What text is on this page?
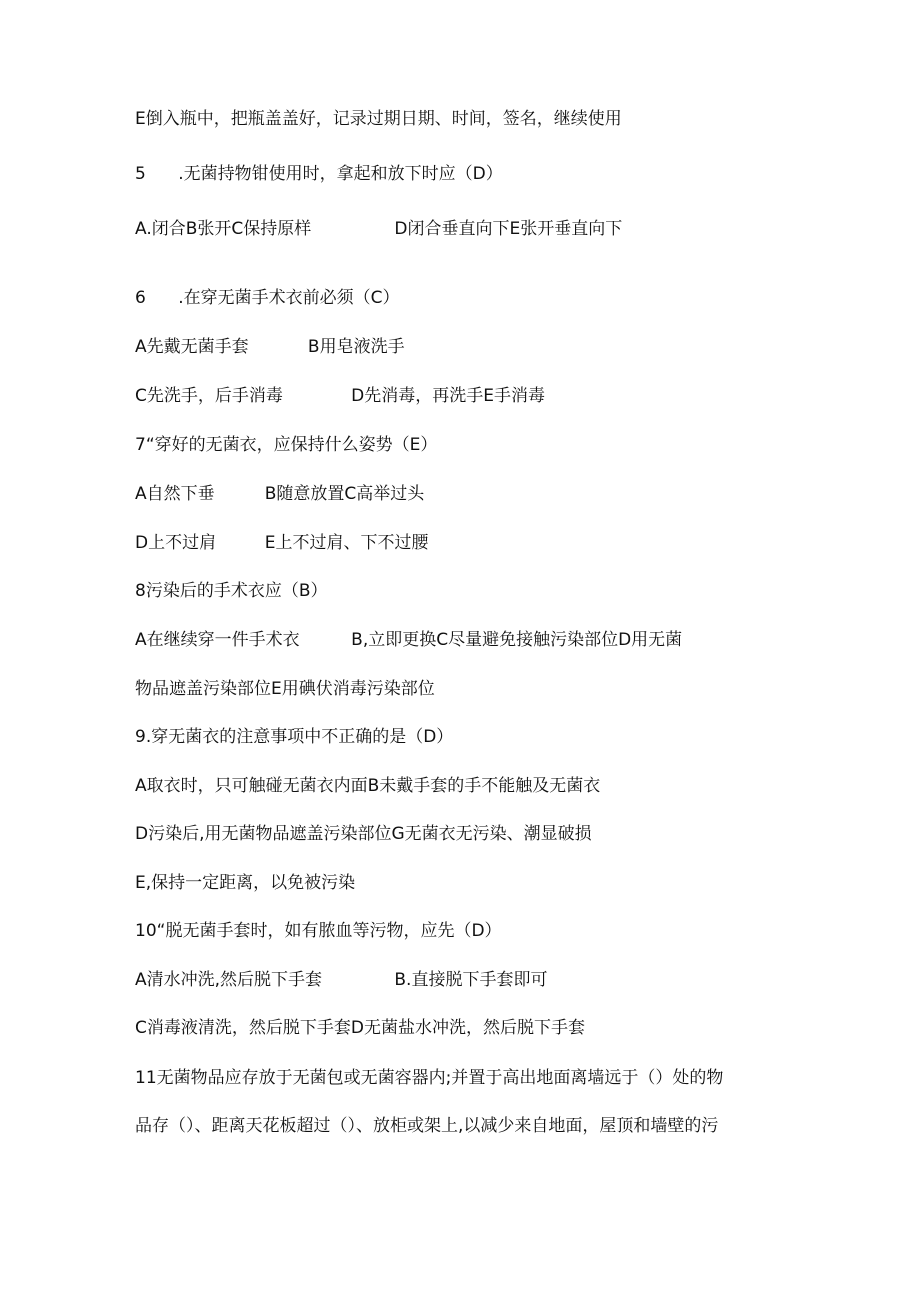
E倒入瓶中，把瓶盖盖好，记录过期日期、时间，签名，继续使用
5	.无菌持物钳使用时，拿起和放下时应（D）
A.闭合B张开C保持原样		D闭合垂直向下E张开垂直向下
6	.在穿无菌手术衣前必须（C）
A先戴无菌手套		B用皂液洗手
C先洗手，后手消毒		D先消毒，再洗手E手消毒
7“穿好的无菌衣，应保持什么姿势（E）
A自然下垂		B随意放置C高举过头
D上不过肩		E上不过肩、下不过腰
8污染后的手术衣应（B）
A在继续穿一件手术衣		B,立即更换C尽量避免接触污染部位D用无菌
物品遮盖污染部位E用碘伏消毒污染部位
9.穿无菌衣的注意事项中不正确的是（D）
A取衣时，只可触碰无菌衣内面B未戴手套的手不能触及无菌衣
D污染后,用无菌物品遮盖污染部位G无菌衣无污染、潮显破损
E,保持一定距离，以免被污染
10“脱无菌手套时，如有脓血等污物，应先（D）
A清水冲洗,然后脱下手套		B.直接脱下手套即可
C消毒液清洗，然后脱下手套D无菌盐水冲洗，然后脱下手套
11无菌物品应存放于无菌包或无菌容器内;并置于高出地面离墙远于（）处的物
品存（）、距离天花板超过（）、放柜或架上,以减少来自地面，屋顶和墙壁的污
